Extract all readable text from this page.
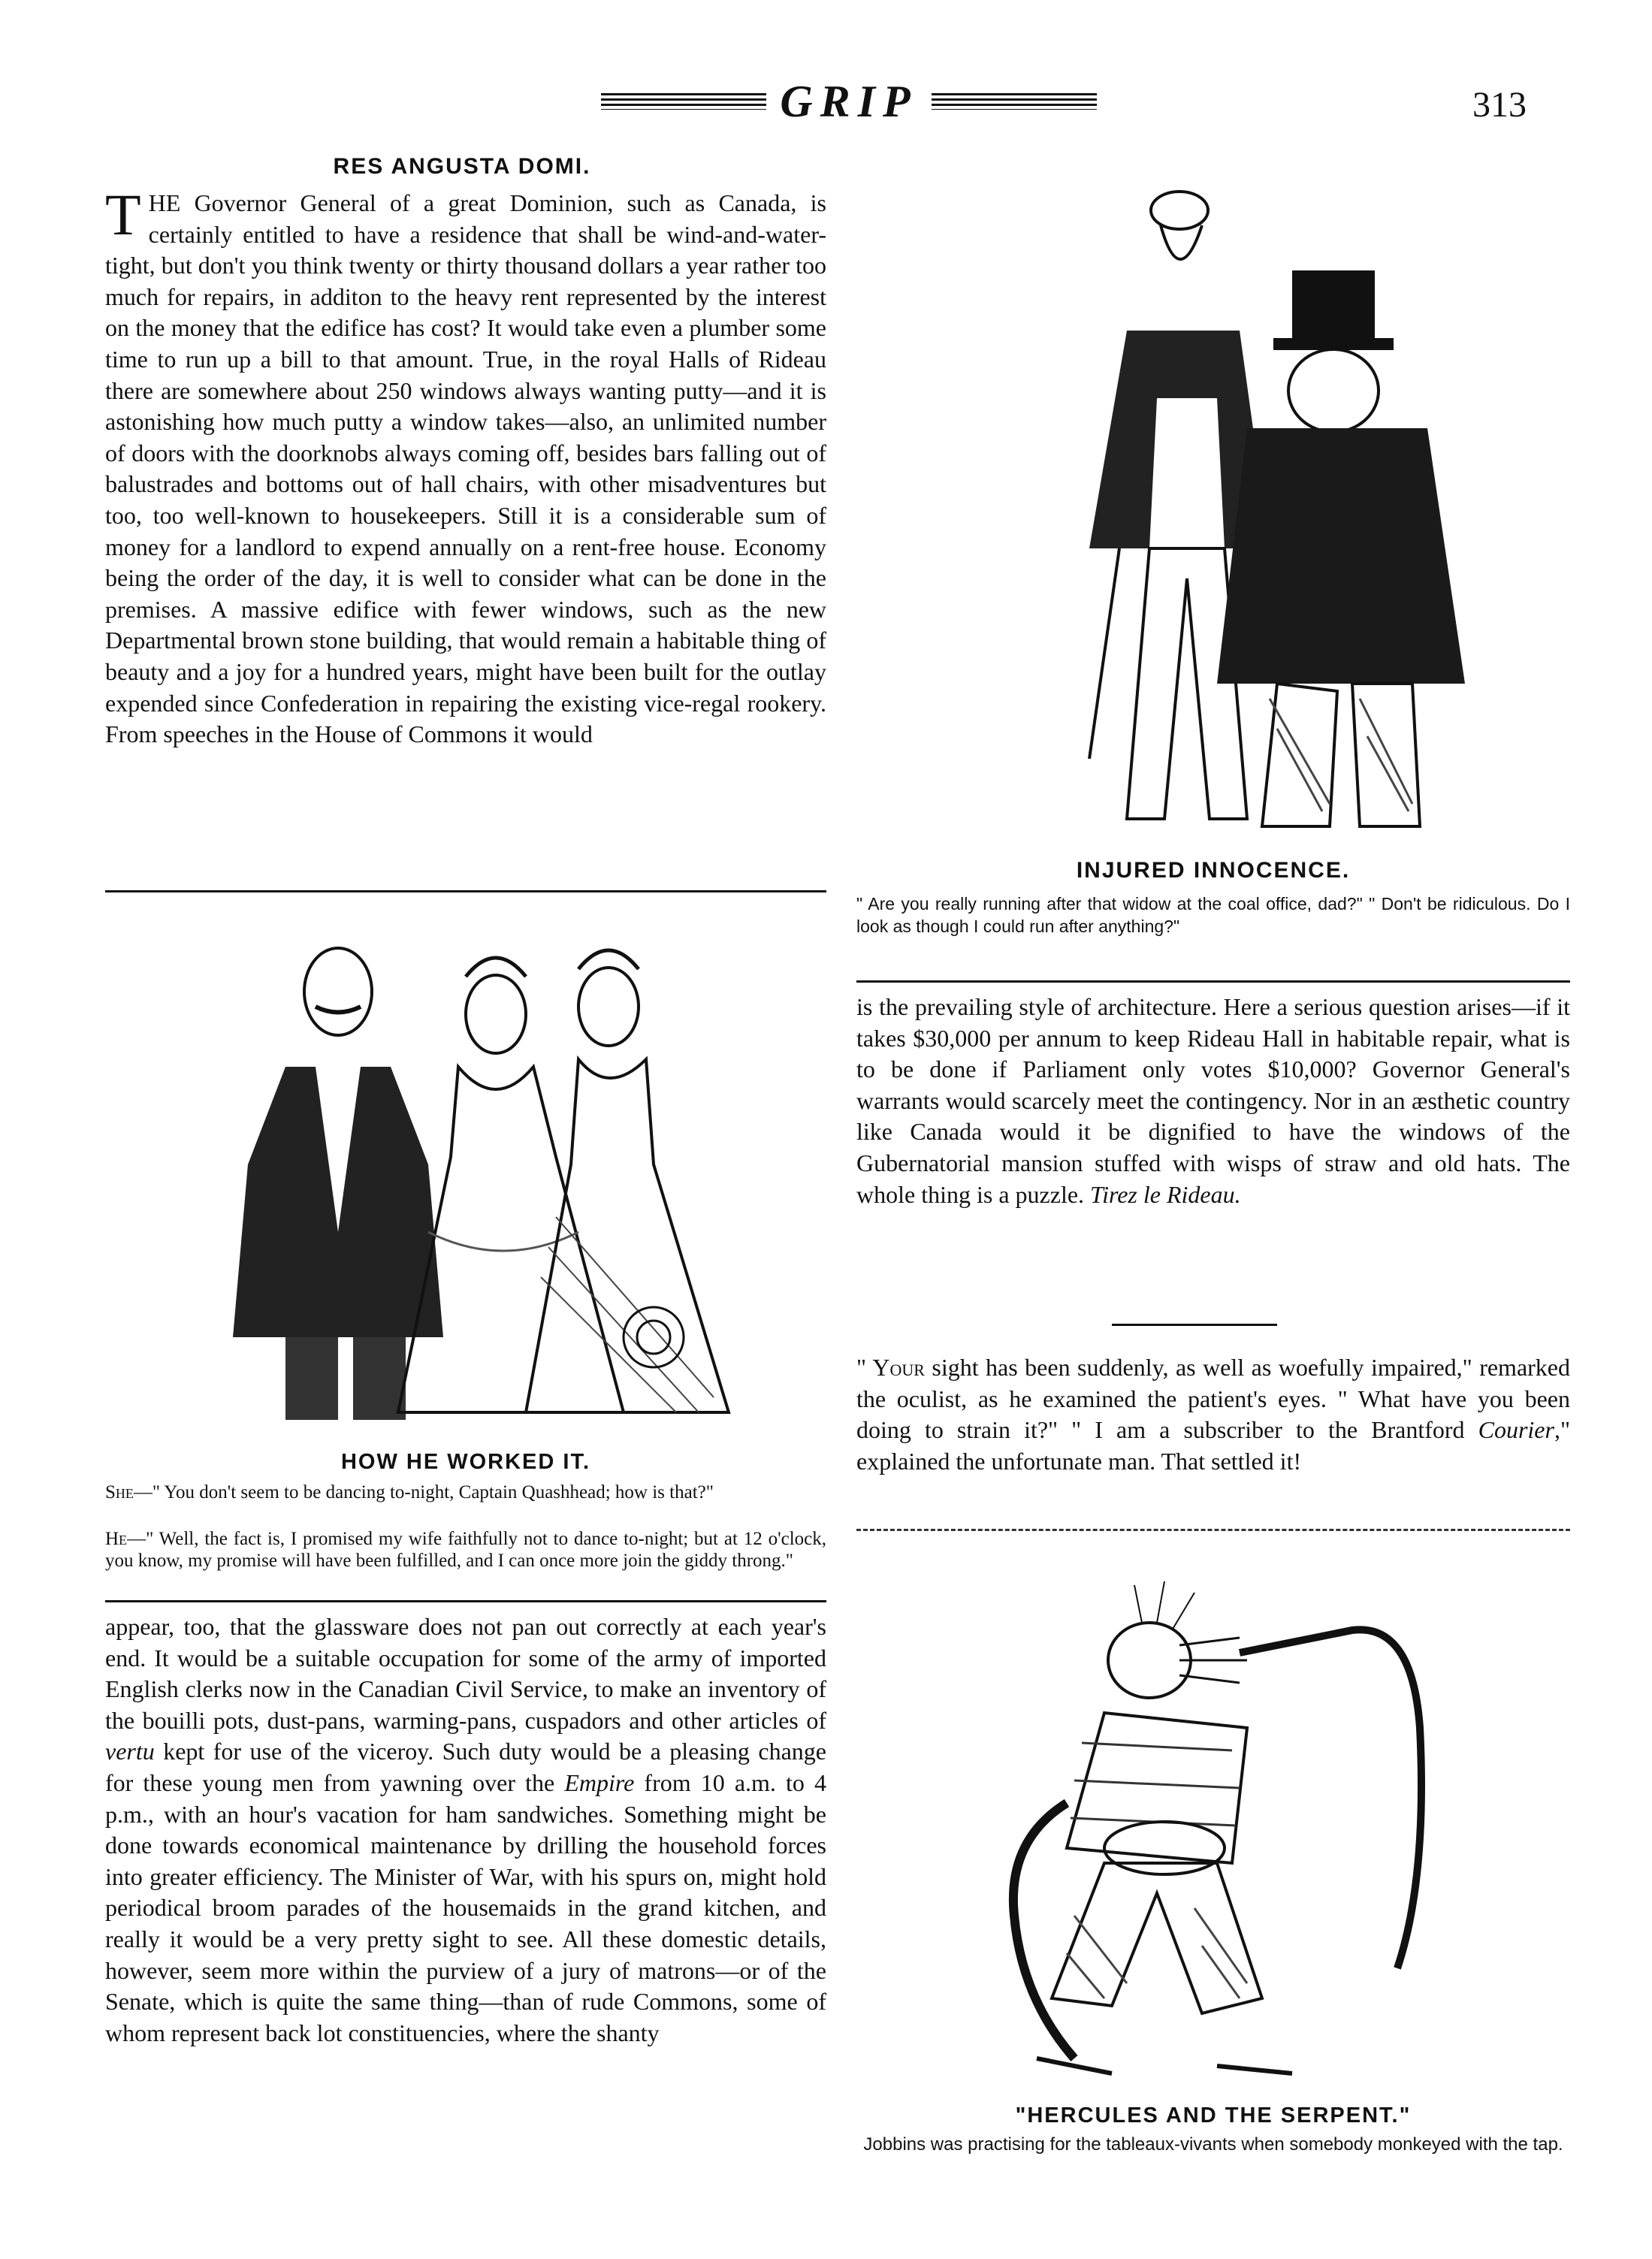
GRIP	313
RES ANGUSTA DOMI.
THE Governor General of a great Dominion, such as Canada, is certainly entitled to have a residence that shall be wind-and-water-tight, but don't you think twenty or thirty thousand dollars a year rather too much for repairs, in additon to the heavy rent represented by the interest on the money that the edifice has cost? It would take even a plumber some time to run up a bill to that amount. True, in the royal Halls of Rideau there are somewhere about 250 windows always wanting putty—and it is astonishing how much putty a window takes—also, an unlimited number of doors with the doorknobs always coming off, besides bars falling out of balustrades and bottoms out of hall chairs, with other misadventures but too, too well-known to housekeepers. Still it is a considerable sum of money for a landlord to expend annually on a rent-free house. Economy being the order of the day, it is well to consider what can be done in the premises. A massive edifice with fewer windows, such as the new Departmental brown stone building, that would remain a habitable thing of beauty and a joy for a hundred years, might have been built for the outlay expended since Confederation in repairing the existing vice-regal rookery. From speeches in the House of Commons it would
HOW HE WORKED IT.
She—" You don't seem to be dancing to-night, Captain Quashhead; how is that?"
He—" Well, the fact is, I promised my wife faithfully not to dance to-night; but at 12 o'clock, you know, my promise will have been fulfilled, and I can once more join the giddy throng."
appear, too, that the glassware does not pan out correctly at each year's end. It would be a suitable occupation for some of the army of imported English clerks now in the Canadian Civil Service, to make an inventory of the bouilli pots, dust-pans, warming-pans, cuspadors and other articles of vertu kept for use of the viceroy. Such duty would be a pleasing change for these young men from yawning over the Empire from 10 a.m. to 4 p.m., with an hour's vacation for ham sandwiches. Something might be done towards economical maintenance by drilling the household forces into greater efficiency. The Minister of War, with his spurs on, might hold periodical broom parades of the housemaids in the grand kitchen, and really it would be a very pretty sight to see. All these domestic details, however, seem more within the purview of a jury of matrons—or of the Senate, which is quite the same thing—than of rude Commons, some of whom represent back lot constituencies, where the shanty
INJURED INNOCENCE.
" Are you really running after that widow at the coal office, dad?" " Don't be ridiculous. Do I look as though I could run after anything?"
is the prevailing style of architecture. Here a serious question arises—if it takes $30,000 per annum to keep Rideau Hall in habitable repair, what is to be done if Parliament only votes $10,000? Governor General's warrants would scarcely meet the contingency. Nor in an æsthetic country like Canada would it be dignified to have the windows of the Gubernatorial mansion stuffed with wisps of straw and old hats. The whole thing is a puzzle. Tirez le Rideau.
" Your sight has been suddenly, as well as woefully impaired," remarked the oculist, as he examined the patient's eyes. " What have you been doing to strain it?" " I am a subscriber to the Brantford Courier," explained the unfortunate man. That settled it!
"HERCULES AND THE SERPENT."
Jobbins was practising for the tableaux-vivants when somebody monkeyed with the tap.
